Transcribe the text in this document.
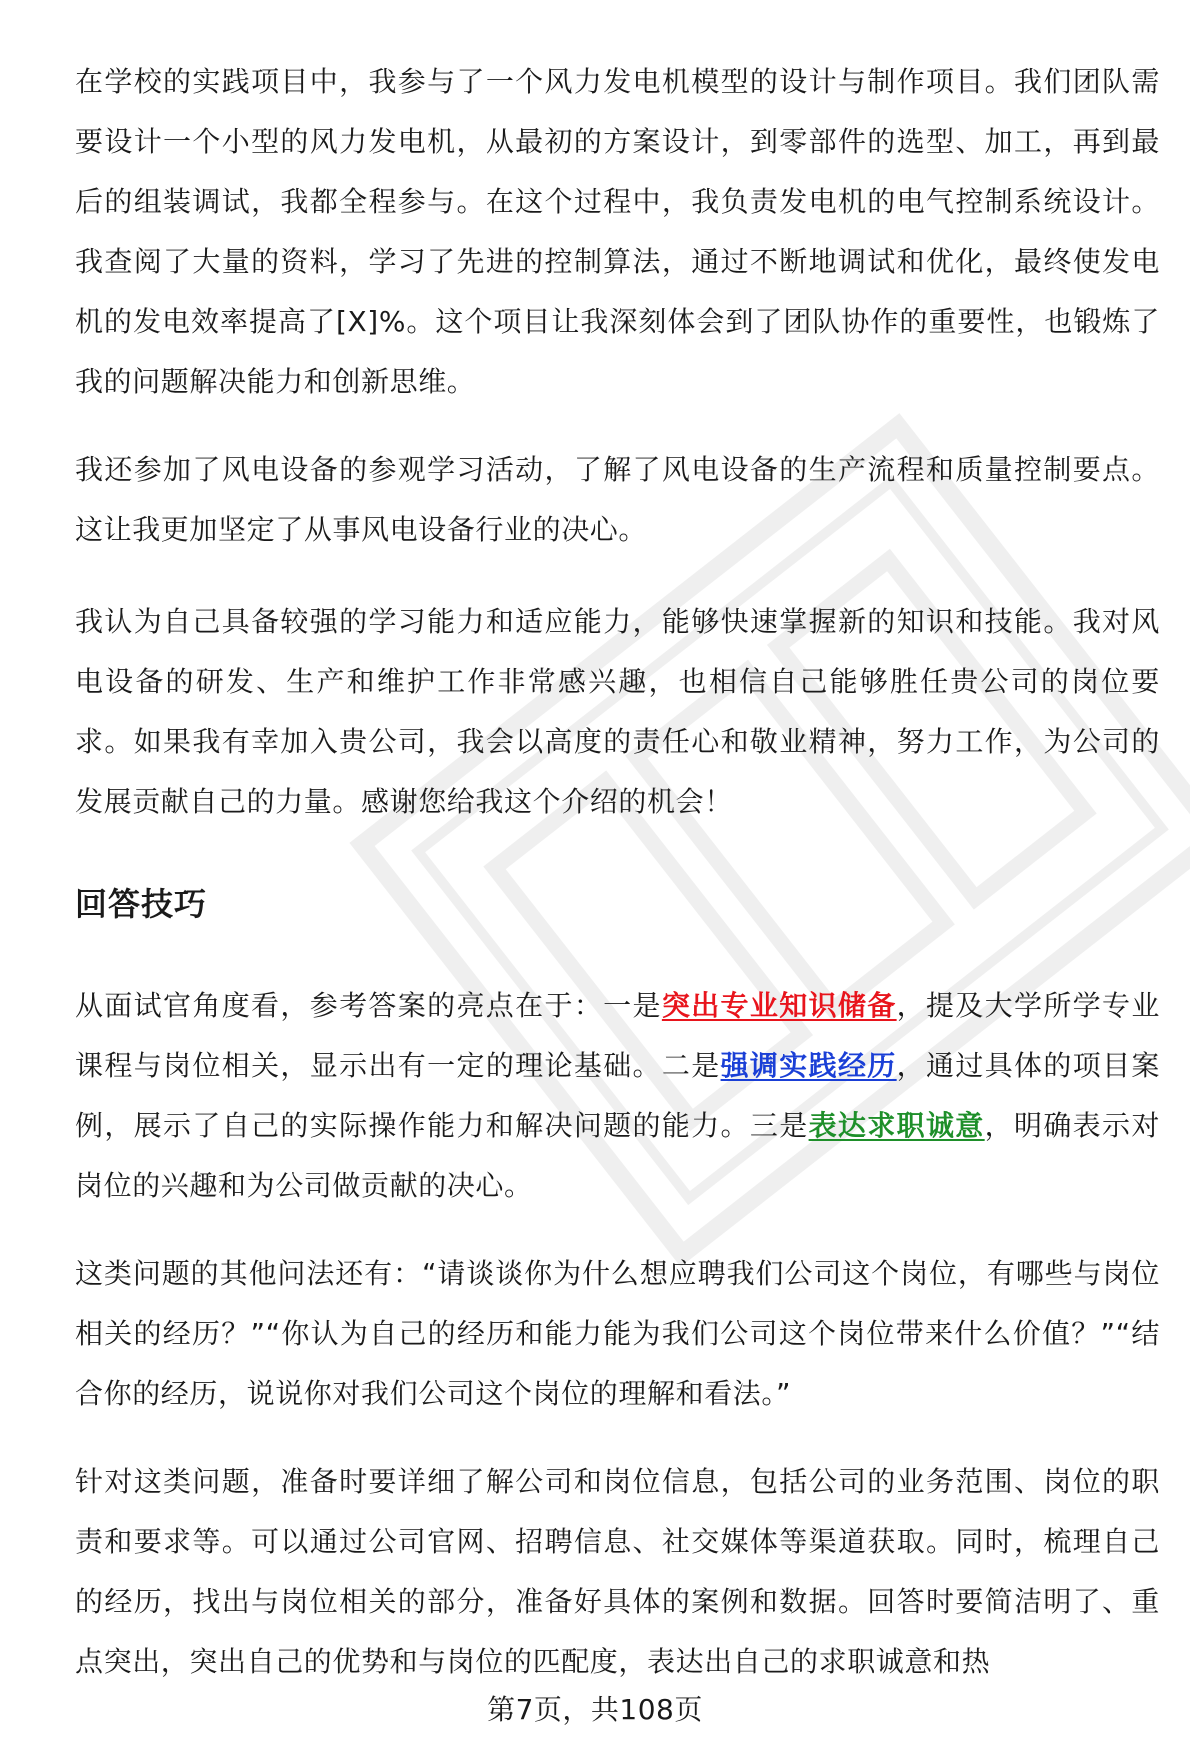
在学校的实践项目中，我参与了一个风力发电机模型的设计与制作项目。我们团队需要设计一个小型的风力发电机，从最初的方案设计，到零部件的选型、加工，再到最后的组装调试，我都全程参与。在这个过程中，我负责发电机的电气控制系统设计。我查阅了大量的资料，学习了先进的控制算法，通过不断地调试和优化，最终使发电机的发电效率提高了[X]%。这个项目让我深刻体会到了团队协作的重要性，也锻炼了我的问题解决能力和创新思维。

我还参加了风电设备的参观学习活动，了解了风电设备的生产流程和质量控制要点。这让我更加坚定了从事风电设备行业的决心。

我认为自己具备较强的学习能力和适应能力，能够快速掌握新的知识和技能。我对风电设备的研发、生产和维护工作非常感兴趣，也相信自己能够胜任贵公司的岗位要求。如果我有幸加入贵公司，我会以高度的责任心和敬业精神，努力工作，为公司的发展贡献自己的力量。感谢您给我这个介绍的机会！

回答技巧

从面试官角度看，参考答案的亮点在于：一是突出专业知识储备，提及大学所学专业课程与岗位相关，显示出有一定的理论基础。二是强调实践经历，通过具体的项目案例，展示了自己的实际操作能力和解决问题的能力。三是表达求职诚意，明确表示对岗位的兴趣和为公司做贡献的决心。

这类问题的其他问法还有：“请谈谈你为什么想应聘我们公司这个岗位，有哪些与岗位相关的经历？”“你认为自己的经历和能力能为我们公司这个岗位带来什么价值？”“结合你的经历，说说你对我们公司这个岗位的理解和看法。”

针对这类问题，准备时要详细了解公司和岗位信息，包括公司的业务范围、岗位的职责和要求等。可以通过公司官网、招聘信息、社交媒体等渠道获取。同时，梳理自己的经历，找出与岗位相关的部分，准备好具体的案例和数据。回答时要简洁明了、重点突出，突出自己的优势和与岗位的匹配度，表达出自己的求职诚意和热

第7页，共108页
